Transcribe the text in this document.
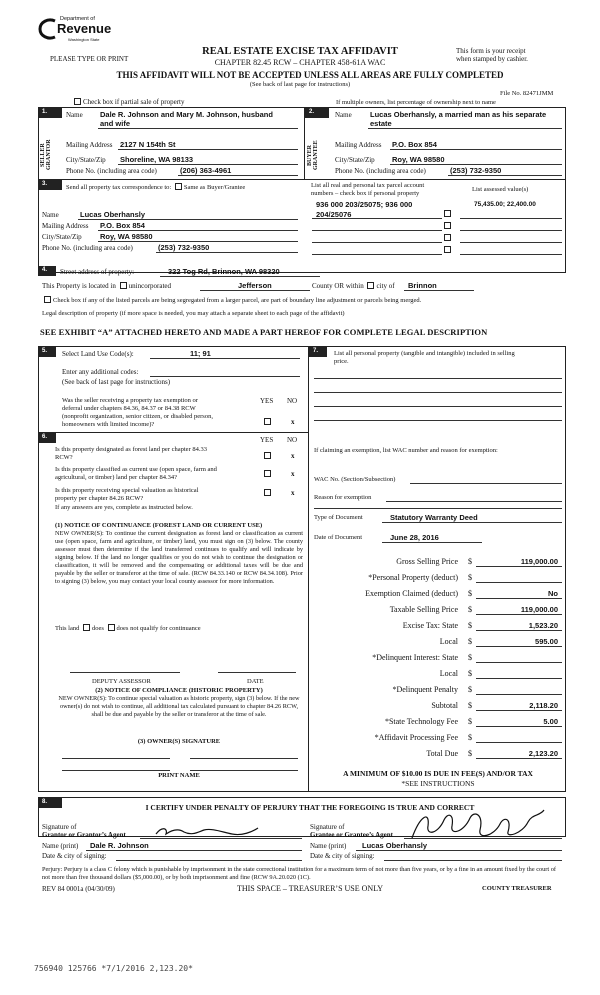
Department of
Revenue
Washington State
PLEASE TYPE OR PRINT
REAL ESTATE EXCISE TAX AFFIDAVIT
CHAPTER 82.45 RCW – CHAPTER 458-61A WAC
This form is your receipt
when stamped by cashier.
THIS AFFIDAVIT WILL NOT BE ACCEPTED UNLESS ALL AREAS ARE FULLY COMPLETED
(See back of last page for instructions)
File No. 82471JMM
Check box if partial sale of property	If multiple owners, list percentage of ownership next to name
1.
SELLER GRANTOR
Name Dale R. Johnson and Mary M. Johnson, husband
and wife
Mailing Address 2127 N 154th St
City/State/Zip Shoreline, WA 98133
Phone No. (including area code)	(206) 363-4961
2.
BUYER GRANTEE
Name Lucas Oberhansly, a married man as his separate
estate
Mailing Address P.O. Box 854
City/State/Zip Roy, WA 98580
Phone No. (including area code)	(253) 732-9350
3.	Send all property tax correspondence to: Same as Buyer/Grantee
Name	Lucas Oberhansly
Mailing Address P.O. Box 854
City/State/Zip Roy, WA 98580
Phone No. (including area code)	(253) 732-9350
List all real and personal tax parcel account
numbers – check box if personal property
List assessed value(s)
936 000 203/25075; 936 000
204/25076
75,435.00; 22,400.00
4.	Street address of property:	322 Tog Rd, Brinnon, WA 98320
This Property is located in unincorporated	Jefferson	County OR within city of Brinnon
Check box if any of the listed parcels are being segregated from a larger parcel, are part of boundary line adjustment or parcels being merged.
Legal description of property (if more space is needed, you may attach a separate sheet to each page of the affidavit)
SEE EXHIBIT “A” ATTACHED HERETO AND MADE A PART HEREOF FOR COMPLETE LEGAL DESCRIPTION
5.	Select Land Use Code(s):	11; 91
Enter any additional codes:
(See back of last page for instructions)
YES NO
Was the seller receiving a property tax exemption or
deferral under chapters 84.36, 84.37 or 84.38 RCW
(nonprofit organization, senior citizen, or disabled person,
homeowners with limited income)?	x
6.	YES NO
Is this property designated as forest land per chapter 84.33
RCW?	x
Is this property classified as current use (open space, farm and
agricultural, or timber) land per chapter 84.34?	x
Is this property receiving special valuation as historical
property per chapter 84.26 RCW?
x
If any answers are yes, complete as instructed below.
(1) NOTICE OF CONTINUANCE (FOREST LAND OR CURRENT USE)
NEW OWNER(S): To continue the current designation as forest land or classification as current use (open space, farm and agriculture, or timber) land, you must sign on (3) below. The county assessor must then determine if the land transferred continues to qualify and will indicate by signing below. If the land no longer qualifies or you do not wish to continue the designation or classification, it will be removed and the compensating or additional taxes will be due and payable by the seller or transferor at the time of sale. (RCW 84.33.140 or RCW 84.34.108). Prior to signing (3) below, you may contact your local county assessor for more information.
This land does does not qualify for continuance
DEPUTY ASSESSOR	DATE
(2) NOTICE OF COMPLIANCE (HISTORIC PROPERTY)
NEW OWNER(S): To continue special valuation as historic property, sign (3) below. If the new owner(s) do not wish to continue, all additional tax calculated pursuant to chapter 84.26 RCW, shall be due and payable by the seller or transferor at the time of sale.
(3) OWNER(S) SIGNATURE
PRINT NAME
7.	List all personal property (tangible and intangible) included in selling
price.
If claiming an exemption, list WAC number and reason for exemption:
WAC No. (Section/Subsection)
Reason for exemption
Type of Document	Statutory Warranty Deed
Date of Document	June 28, 2016
Gross Selling Price $	119,000.00
*Personal Property (deduct) $
Exemption Claimed (deduct) $	No
Taxable Selling Price $	119,000.00
Excise Tax: State $	1,523.20
Local $	595.00
*Delinquent Interest: State $
Local $
*Delinquent Penalty $
Subtotal $	2,118.20
*State Technology Fee $	5.00
*Affidavit Processing Fee $
Total Due $	2,123.20
A MINIMUM OF $10.00 IS DUE IN FEE(S) AND/OR TAX
*SEE INSTRUCTIONS
8.
I CERTIFY UNDER PENALTY OF PERJURY THAT THE FOREGOING IS TRUE AND CORRECT
Signature of
Grantor or Grantor’s Agent
Name (print) Dale R. Johnson
Date & city of signing:
Signature of
Grantee or Grantee’s Agent
Name (print) Lucas Oberhansly
Date & city of signing:
Perjury: Perjury is a class C felony which is punishable by imprisonment in the state correctional institution for a maximum term of not more than five years, or by a fine in an amount fixed by the court of not more than five thousand dollars ($5,000.00), or by both imprisonment and fine (RCW 9A.20.020 (1C).
REV 84 0001a (04/30/09)	THIS SPACE – TREASURER’S USE ONLY	COUNTY TREASURER
756940 125766 *7/1/2016 2,123.20*
